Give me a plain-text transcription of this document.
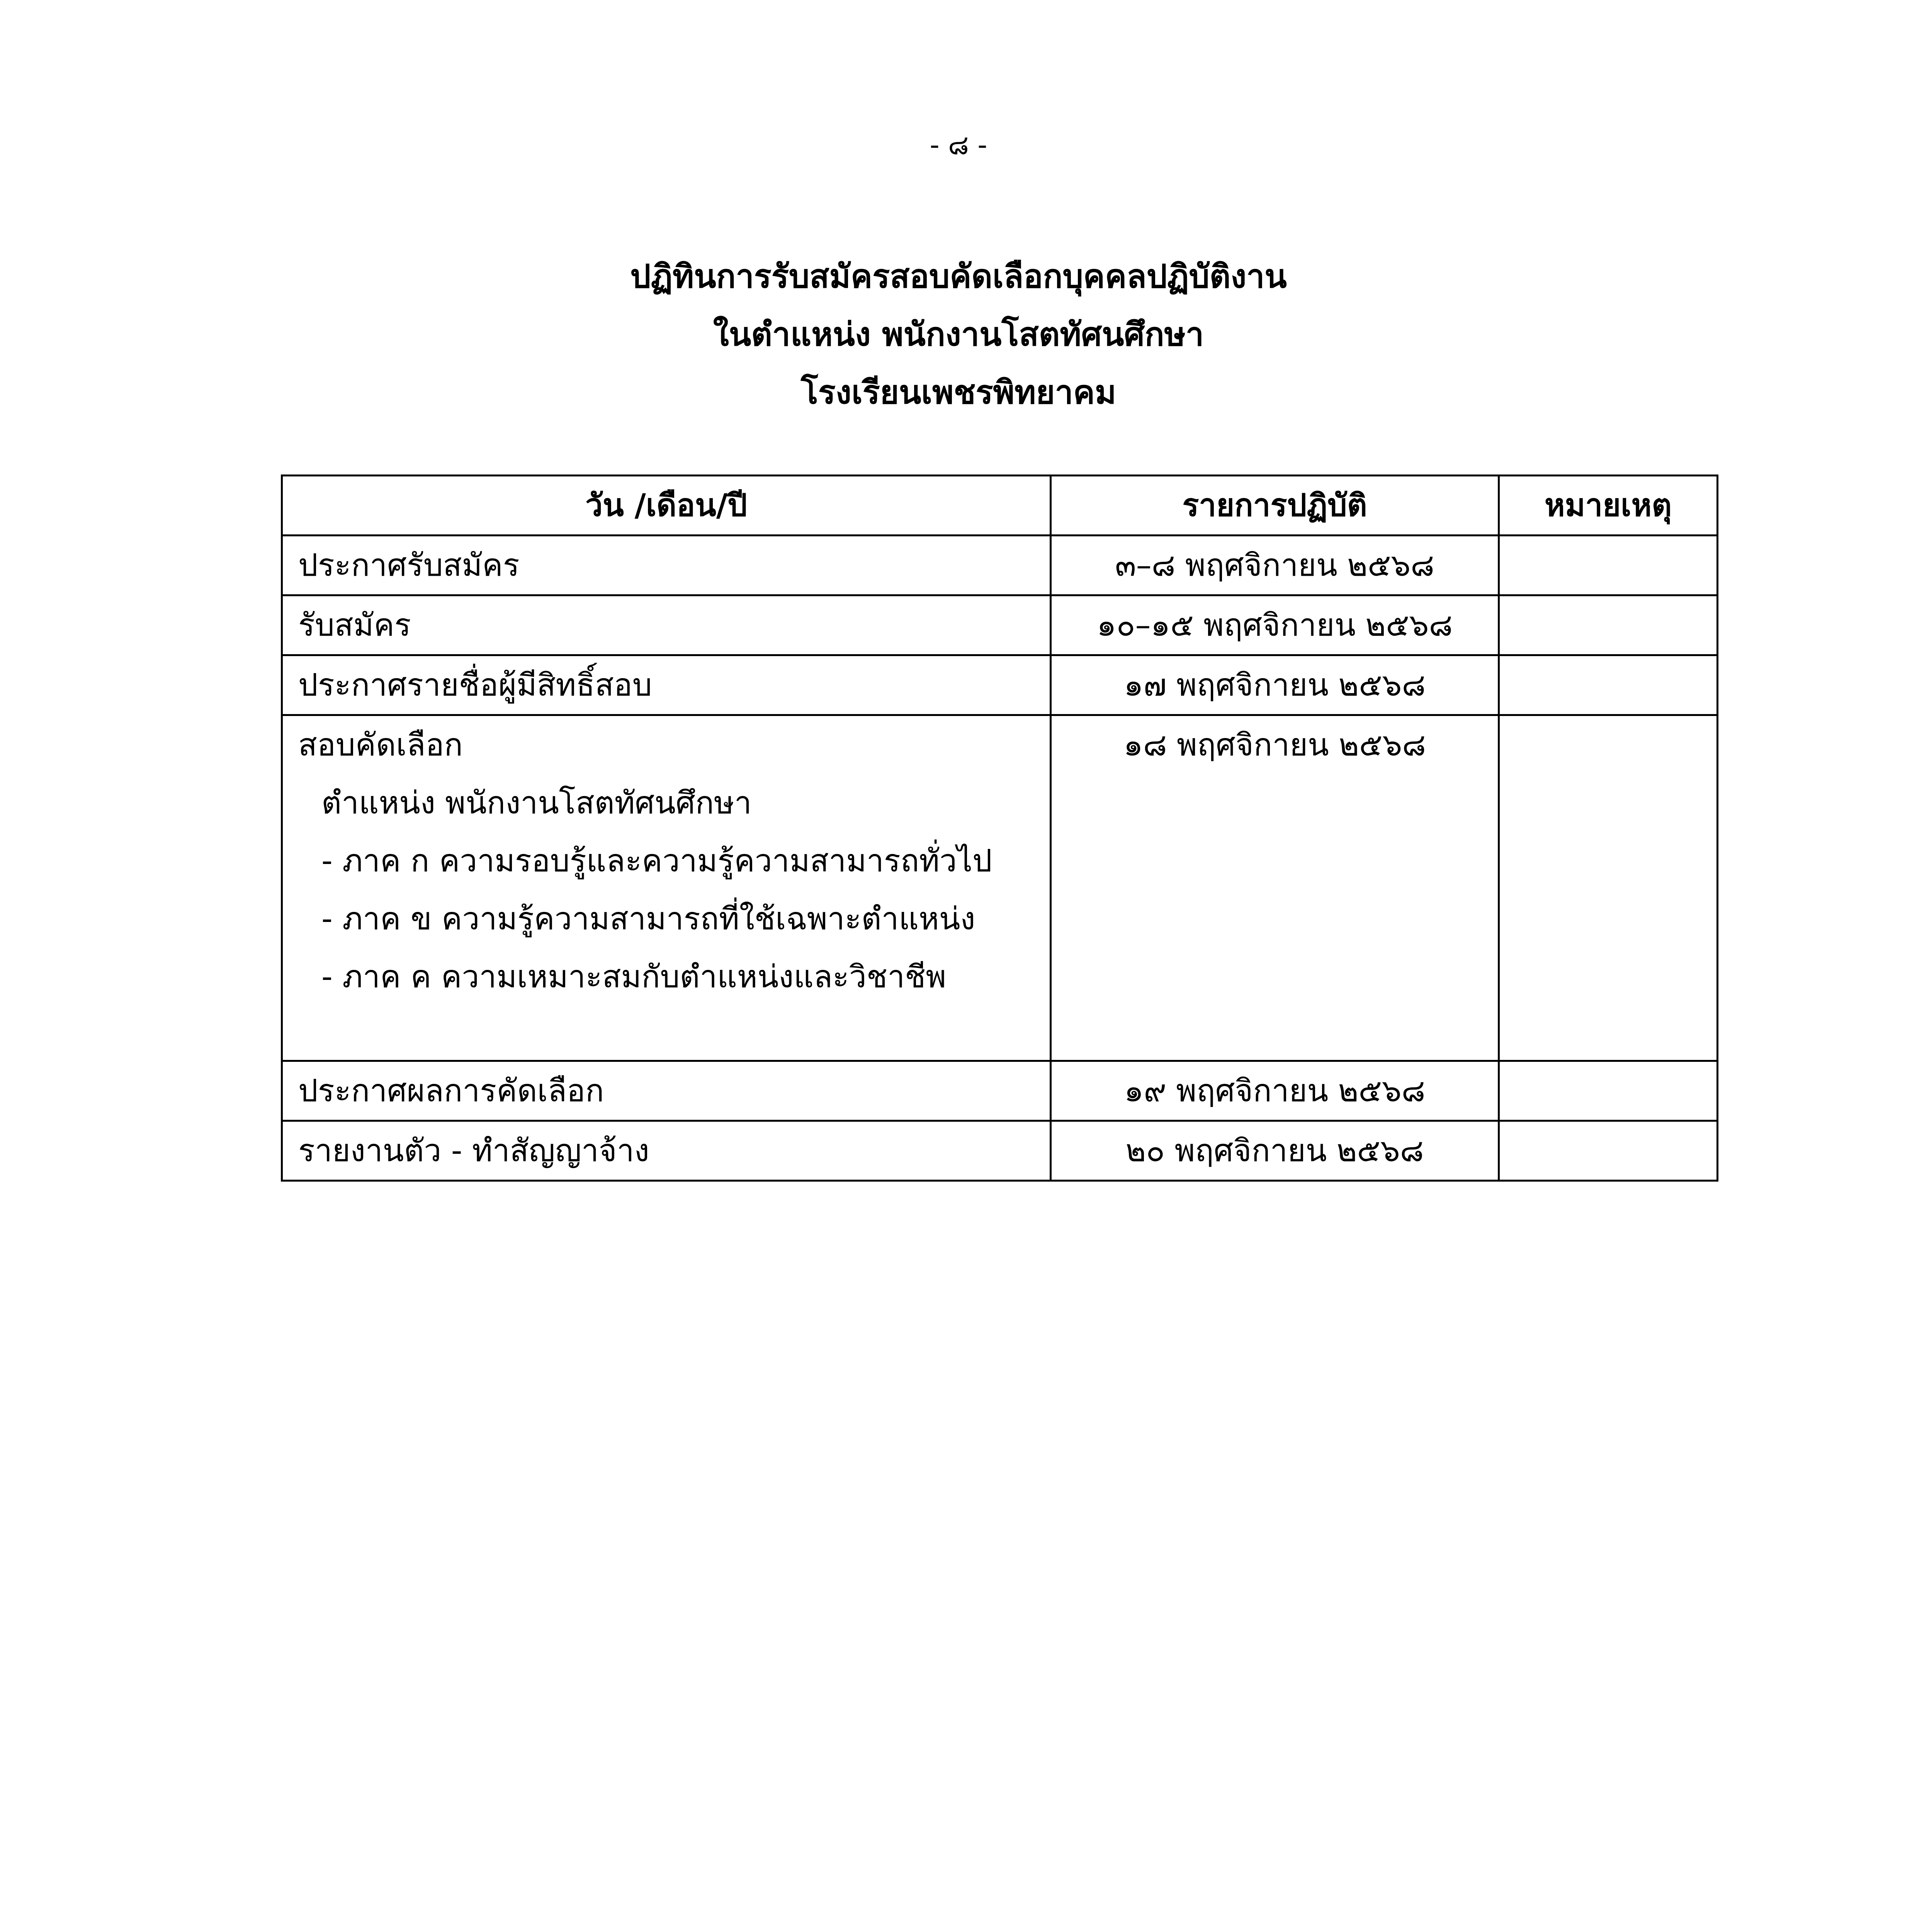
- ๘ -
ปฏิทินการรับสมัครสอบคัดเลือกบุคคลปฏิบัติงาน
ในตำแหน่ง พนักงานโสตทัศนศึกษา
โรงเรียนเพชรพิทยาคม
วัน /เดือน/ปี	รายการปฏิบัติ	หมายเหตุ
ประกาศรับสมัคร	๓–๘ พฤศจิกายน ๒๕๖๘	
รับสมัคร	๑๐–๑๕ พฤศจิกายน ๒๕๖๘	
ประกาศรายชื่อผู้มีสิทธิ์สอบ	๑๗ พฤศจิกายน ๒๕๖๘	

สอบคัดเลือก
ตำแหน่ง พนักงานโสตทัศนศึกษา
- ภาค ก ความรอบรู้และความรู้ความสามารถทั่วไป
- ภาค ข ความรู้ความสามารถที่ใช้เฉพาะตำแหน่ง
- ภาค ค ความเหมาะสมกับตำแหน่งและวิชาชีพ	๑๘ พฤศจิกายน ๒๕๖๘	
ประกาศผลการคัดเลือก	๑๙ พฤศจิกายน ๒๕๖๘	
รายงานตัว - ทำสัญญาจ้าง	๒๐ พฤศจิกายน ๒๕๖๘	
